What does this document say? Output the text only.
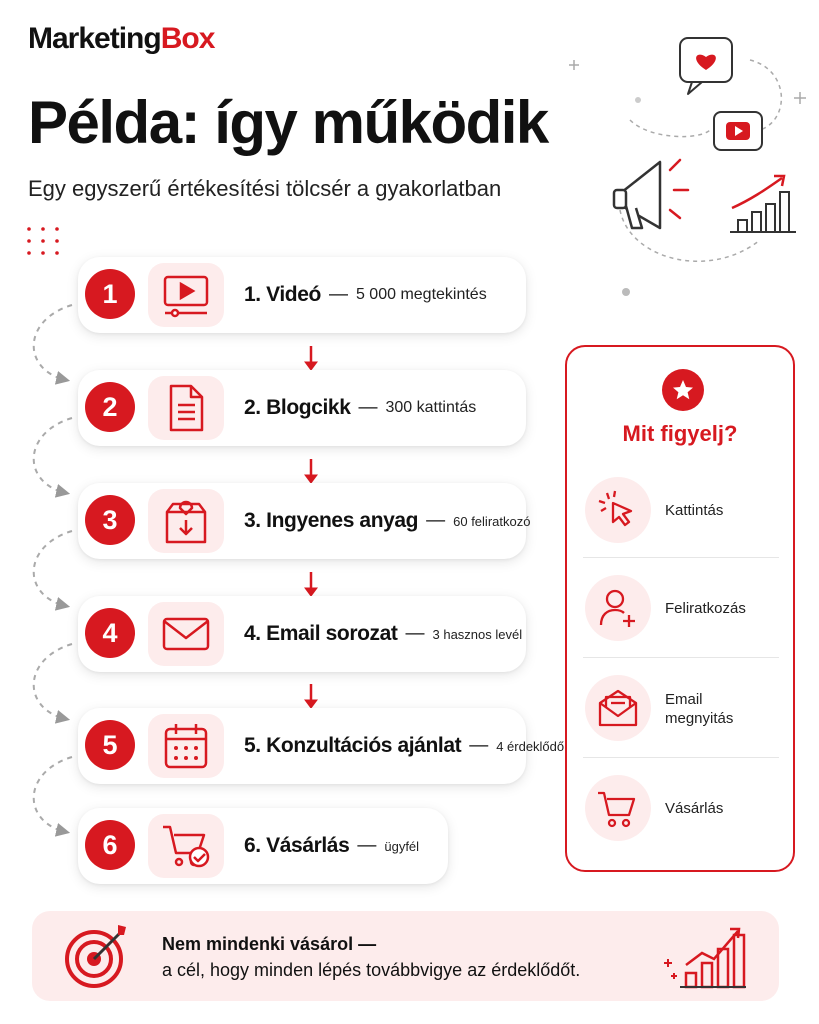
MarketingBox
Példa: így működik

Egy egyszerű értékesítési tölcsér a gyakorlatban

1	1. Videó — 5 000 megtekintés
2	2. Blogcikk — 300 kattintás
3	3. Ingyenes anyag — 60 feliratkozó
4	4. Email sorozat — 3 hasznos levél
5	5. Konzultációs ajánlat — 4 érdeklődő
6	6. Vásárlás — ügyfél
Mit figyelj?
Kattintás
Feliratkozás
Email megnyitás
Vásárlás
Nem mindenki vásárol —
a cél, hogy minden lépés továbbvigye az érdeklődőt.
